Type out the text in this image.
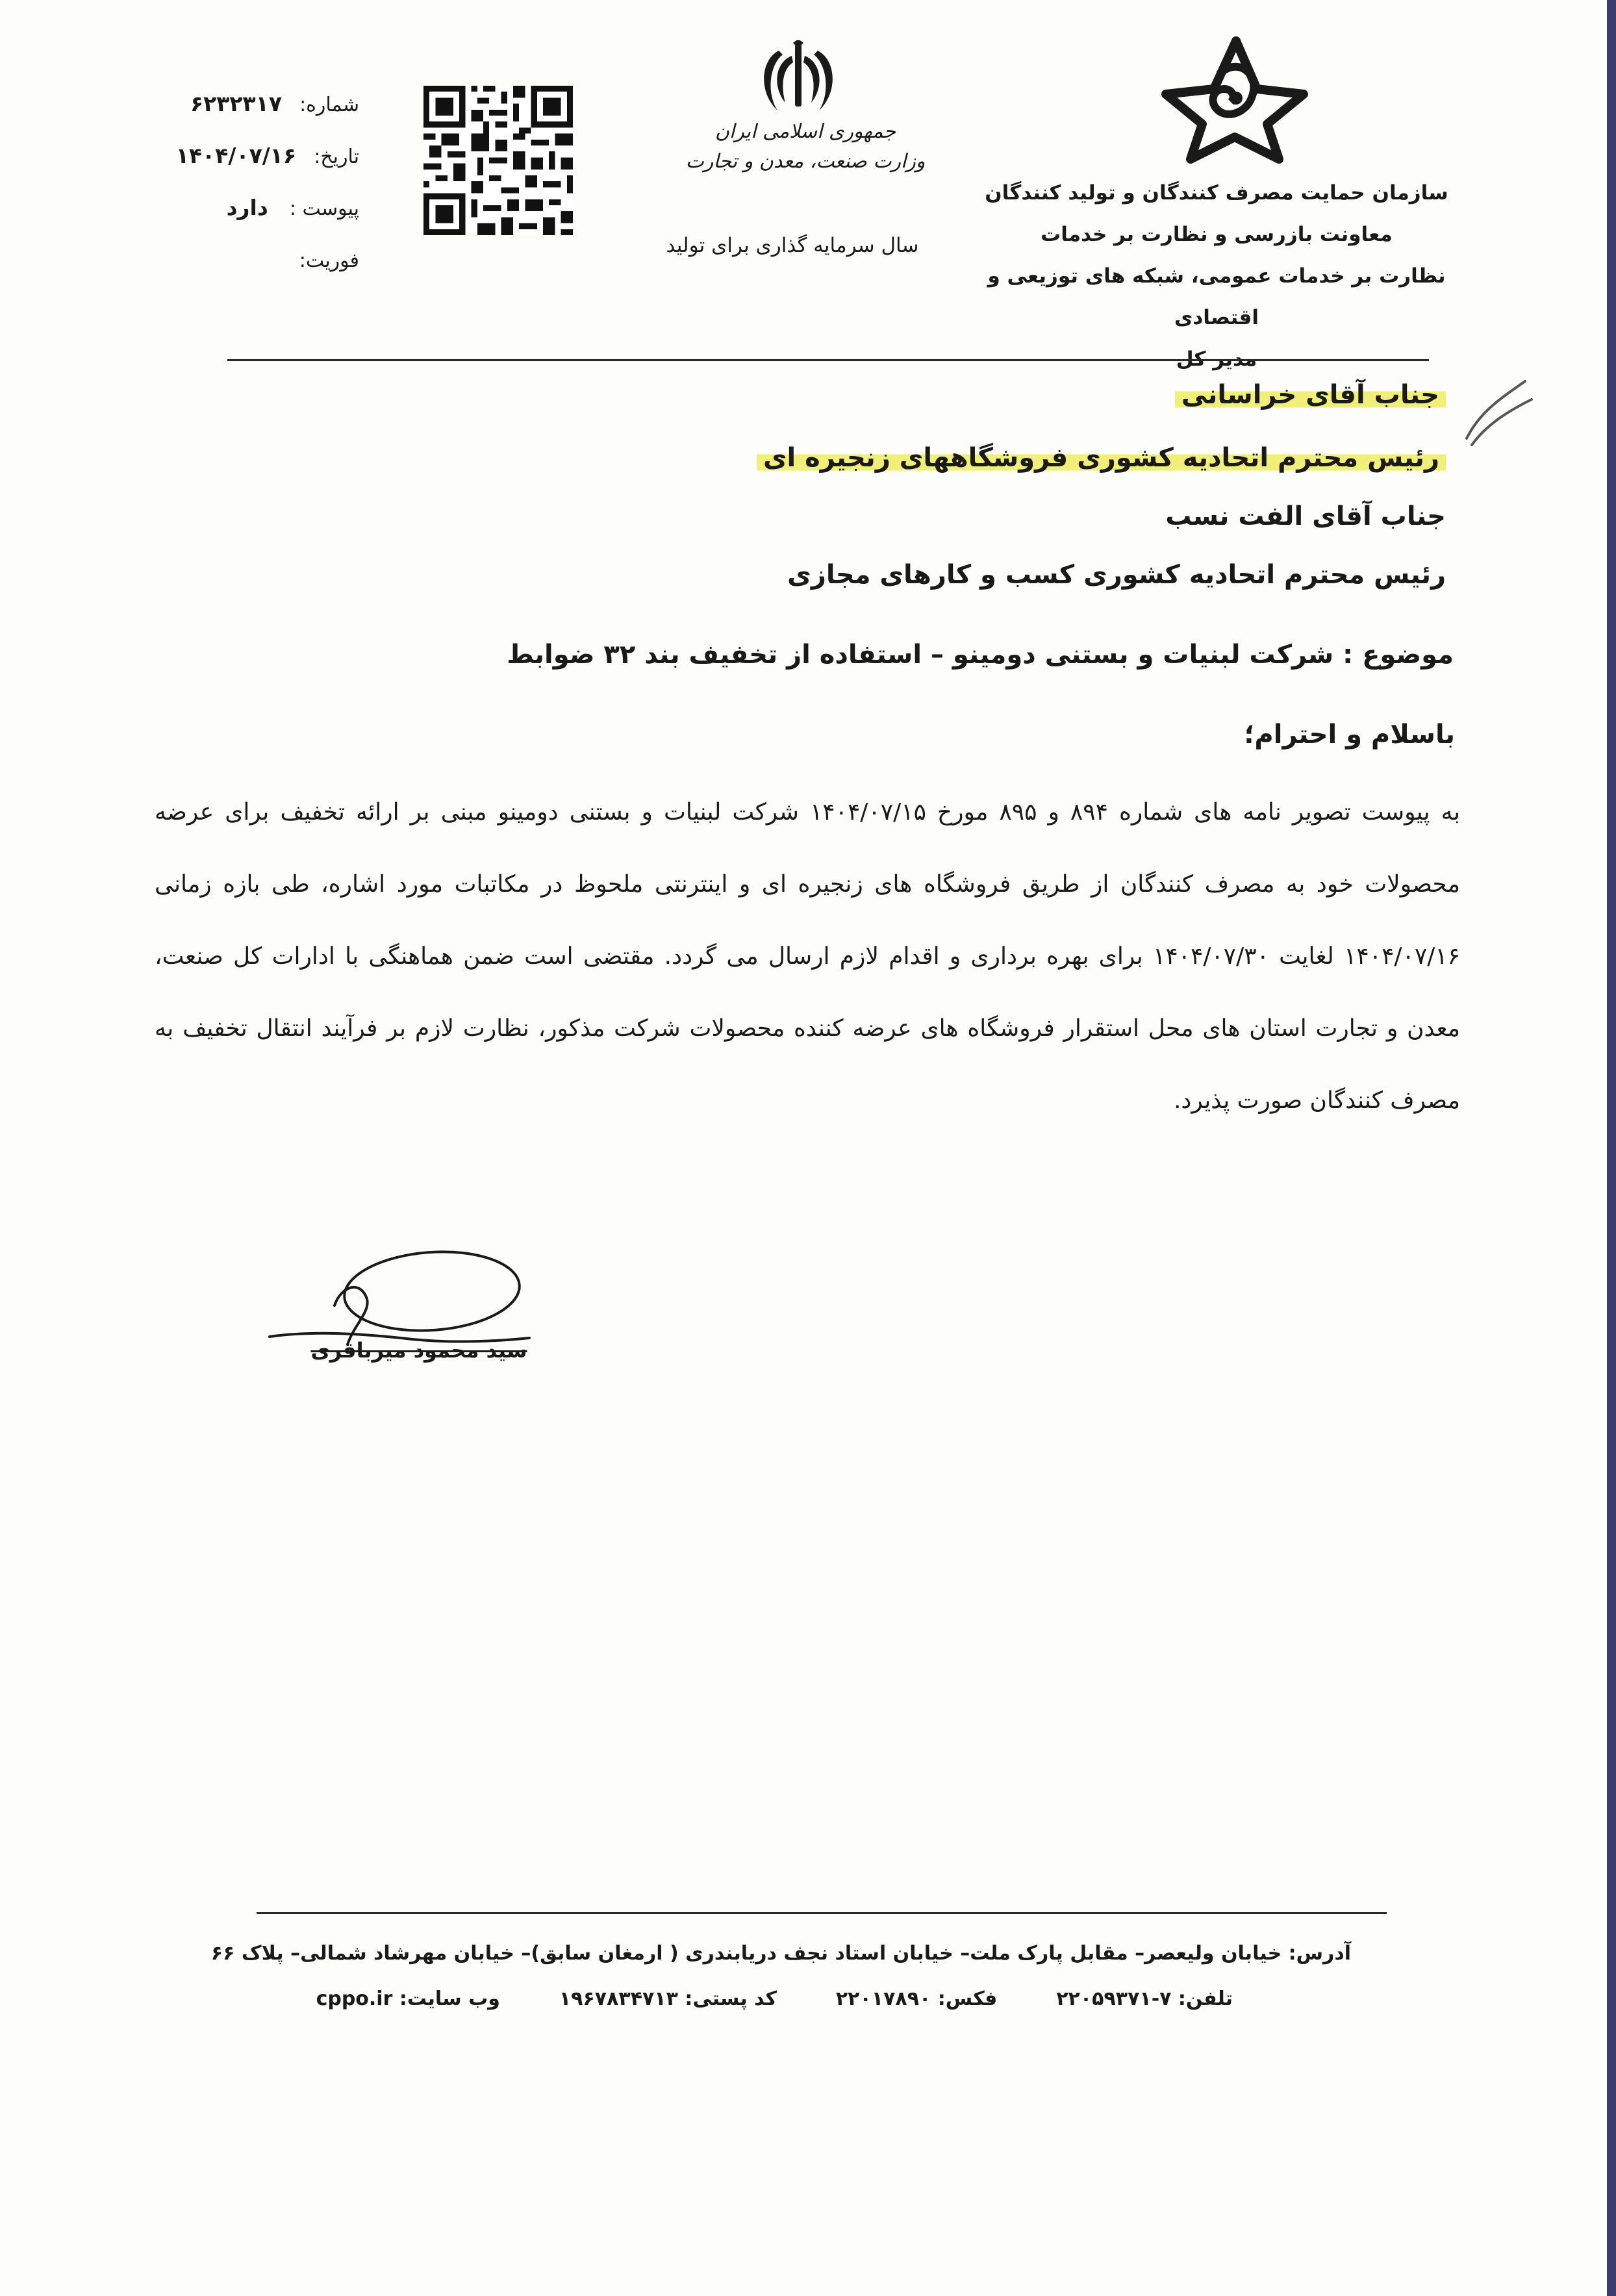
سازمان حمایت مصرف کنندگان و تولید کنندگان
معاونت بازرسی و نظارت بر خدمات
نظارت بر خدمات عمومی، شبکه های توزیعی و اقتصادی
مدیر کل
جمهوری اسلامی ایران
وزارت صنعت، معدن و تجارت
سال سرمایه گذاری برای تولید
شماره: ۶۲۳۲۳۱۷
تاریخ: ۱۴۰۴/۰۷/۱۶
پیوست : دارد
فوریت:
جناب آقای خراسانی
رئیس محترم اتحادیه کشوری فروشگاههای زنجیره ای
جناب آقای الفت نسب
رئیس محترم اتحادیه کشوری کسب و کارهای مجازی
موضوع : شرکت لبنیات و بستنی دومینو – استفاده از تخفیف بند ۳۲ ضوابط
باسلام و احترام؛
به پیوست تصویر نامه های شماره ۸۹۴ و ۸۹۵ مورخ ۱۴۰۴/۰۷/۱۵ شرکت لبنیات و بستنی دومینو مبنی بر ارائه تخفیف برای عرضه محصولات خود به مصرف کنندگان از طریق فروشگاه های زنجیره ای و اینترنتی ملحوظ در مکاتبات مورد اشاره، طی بازه زمانی ۱۴۰۴/۰۷/۱۶ لغایت ۱۴۰۴/۰۷/۳۰ برای بهره برداری و اقدام لازم ارسال می گردد. مقتضی است ضمن هماهنگی با ادارات کل صنعت، معدن و تجارت استان های محل استقرار فروشگاه های عرضه کننده محصولات شرکت مذکور، نظارت لازم بر فرآیند انتقال تخفیف به مصرف کنندگان صورت پذیرد.
سید محمود میرباقری
آدرس: خیابان ولیعصر– مقابل پارک ملت– خیابان استاد نجف دریابندری ( ارمغان سابق)– خیابان مهرشاد شمالی– پلاک ۶۶
تلفن: ۷-۲۲۰۵۹۳۷۱  فکس: ۲۲۰۱۷۸۹۰  کد پستی: ۱۹۶۷۸۳۴۷۱۳  وب سایت: cppo.ir
